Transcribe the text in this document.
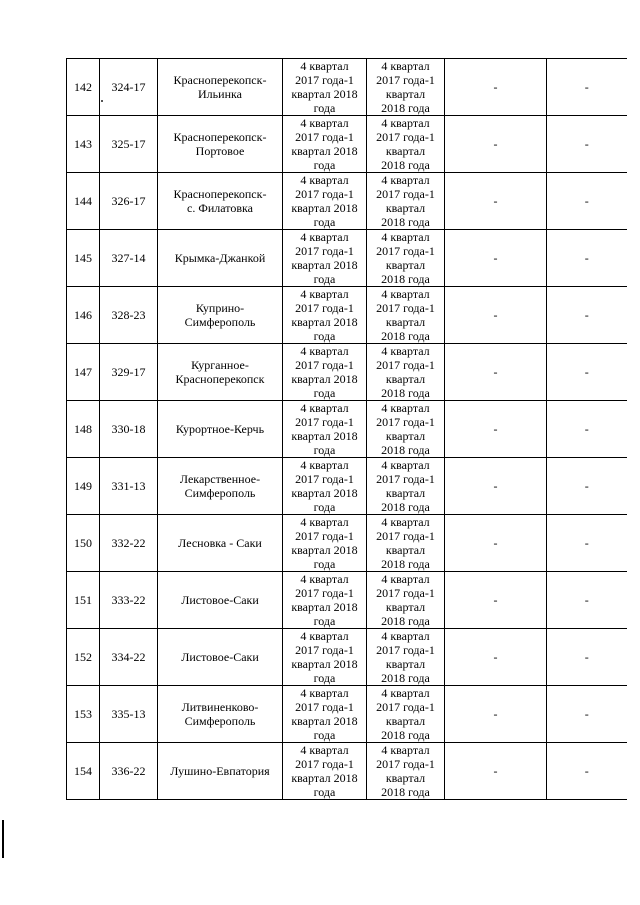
142	324-17	Красноперекопск-
Ильинка	4 квартал
2017 года-1
квартал 2018
года	4 квартал
2017 года-1
квартал
2018 года	-	-
143	325-17	Красноперекопск-
Портовое	4 квартал
2017 года-1
квартал 2018
года	4 квартал
2017 года-1
квартал
2018 года	-	-
144	326-17	Красноперекопск-
с. Филатовка	4 квартал
2017 года-1
квартал 2018
года	4 квартал
2017 года-1
квартал
2018 года	-	-
145	327-14	Крымка-Джанкой	4 квартал
2017 года-1
квартал 2018
года	4 квартал
2017 года-1
квартал
2018 года	-	-
146	328-23	Куприно-
Симферополь	4 квартал
2017 года-1
квартал 2018
года	4 квартал
2017 года-1
квартал
2018 года	-	-
147	329-17	Курганное-
Красноперекопск	4 квартал
2017 года-1
квартал 2018
года	4 квартал
2017 года-1
квартал
2018 года	-	-
148	330-18	Курортное-Керчь	4 квартал
2017 года-1
квартал 2018
года	4 квартал
2017 года-1
квартал
2018 года	-	-
149	331-13	Лекарственное-
Симферополь	4 квартал
2017 года-1
квартал 2018
года	4 квартал
2017 года-1
квартал
2018 года	-	-
150	332-22	Лесновка - Саки	4 квартал
2017 года-1
квартал 2018
года	4 квартал
2017 года-1
квартал
2018 года	-	-
151	333-22	Листовое-Саки	4 квартал
2017 года-1
квартал 2018
года	4 квартал
2017 года-1
квартал
2018 года	-	-
152	334-22	Листовое-Саки	4 квартал
2017 года-1
квартал 2018
года	4 квартал
2017 года-1
квартал
2018 года	-	-
153	335-13	Литвиненково-
Симферополь	4 квартал
2017 года-1
квартал 2018
года	4 квартал
2017 года-1
квартал
2018 года	-	-
154	336-22	Лушино-Евпатория	4 квартал
2017 года-1
квартал 2018
года	4 квартал
2017 года-1
квартал
2018 года	-	-
